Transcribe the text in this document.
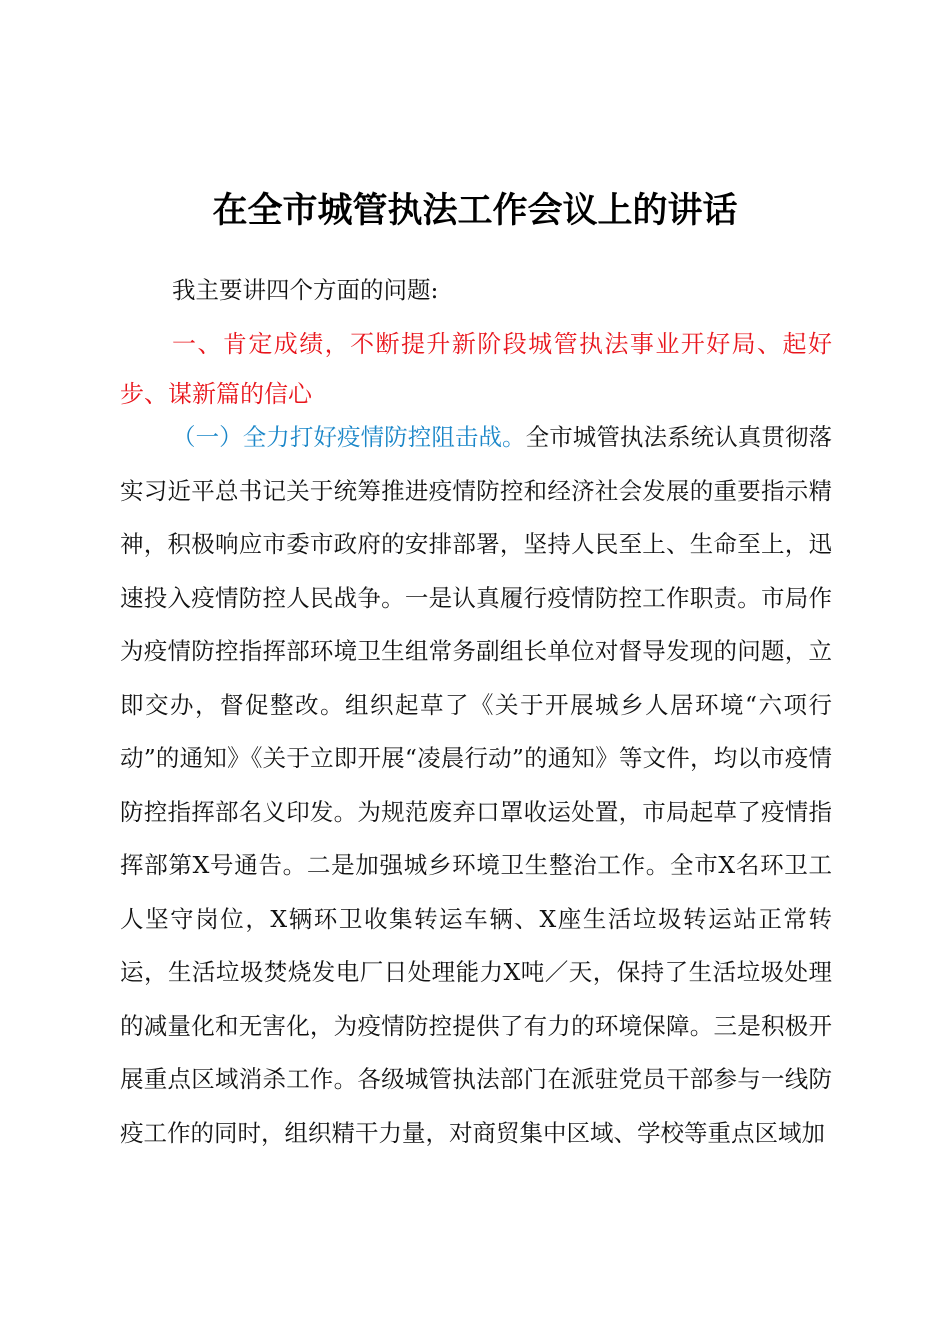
在全市城管执法工作会议上的讲话

我主要讲四个方面的问题:

一、肯定成绩，不断提升新阶段城管执法事业开好局、起好步、谋新篇的信心

（一）全力打好疫情防控阻击战。全市城管执法系统认真贯彻落实习近平总书记关于统筹推进疫情防控和经济社会发展的重要指示精神，积极响应市委市政府的安排部署，坚持人民至上、生命至上，迅速投入疫情防控人民战争。一是认真履行疫情防控工作职责。市局作为疫情防控指挥部环境卫生组常务副组长单位对督导发现的问题，立即交办，督促整改。组织起草了《关于开展城乡人居环境“六项行动”的通知》《关于立即开展“凌晨行动”的通知》等文件，均以市疫情防控指挥部名义印发。为规范废弃口罩收运处置，市局起草了疫情指挥部第X号通告。二是加强城乡环境卫生整治工作。全市X名环卫工人坚守岗位，X辆环卫收集转运车辆、X座生活垃圾转运站正常转运，生活垃圾焚烧发电厂日处理能力X吨／天，保持了生活垃圾处理的减量化和无害化，为疫情防控提供了有力的环境保障。三是积极开展重点区域消杀工作。各级城管执法部门在派驻党员干部参与一线防疫工作的同时，组织精干力量，对商贸集中区域、学校等重点区域加
